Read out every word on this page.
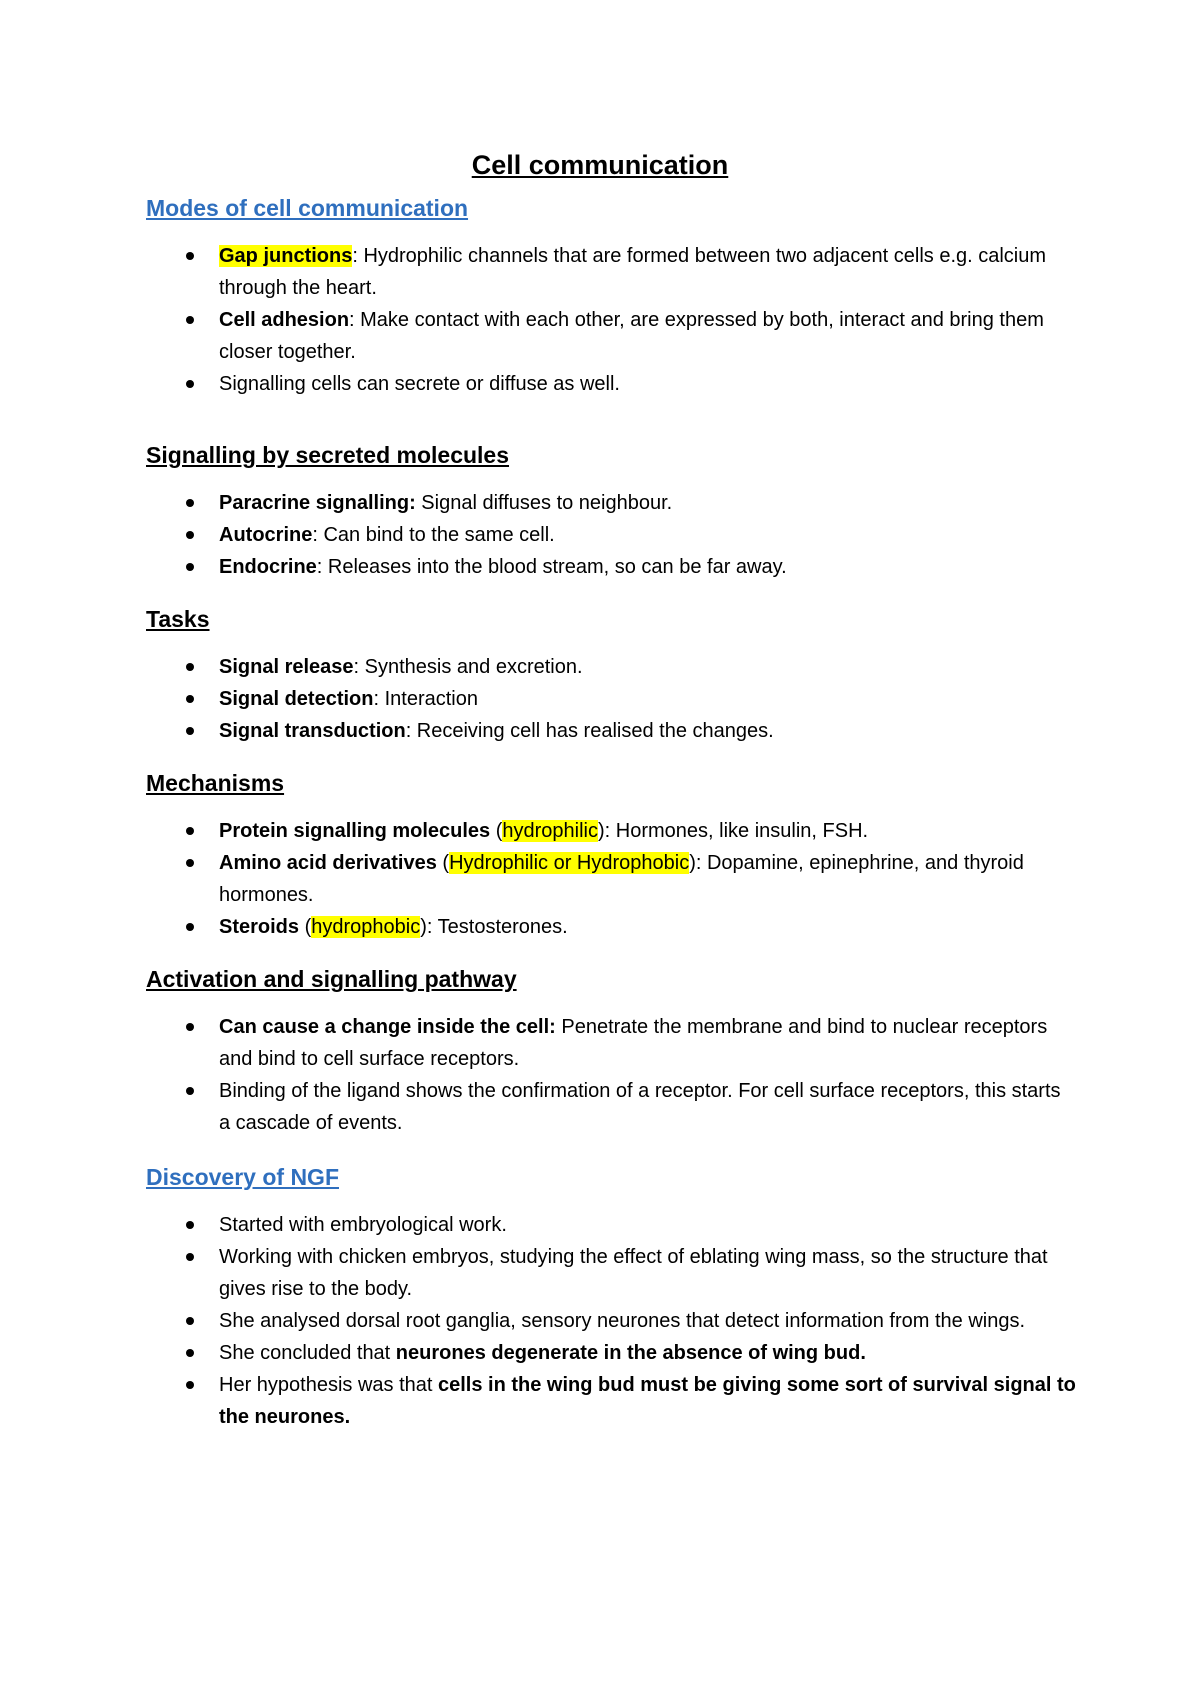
Cell communication
Modes of cell communication
Gap junctions: Hydrophilic channels that are formed between two adjacent cells e.g. calcium through the heart.
Cell adhesion: Make contact with each other, are expressed by both, interact and bring them closer together.
Signalling cells can secrete or diffuse as well.
Signalling by secreted molecules
Paracrine signalling: Signal diffuses to neighbour.
Autocrine: Can bind to the same cell.
Endocrine: Releases into the blood stream, so can be far away.
Tasks
Signal release: Synthesis and excretion.
Signal detection: Interaction
Signal transduction: Receiving cell has realised the changes.
Mechanisms
Protein signalling molecules (hydrophilic): Hormones, like insulin, FSH.
Amino acid derivatives (Hydrophilic or Hydrophobic): Dopamine, epinephrine, and thyroid hormones.
Steroids (hydrophobic): Testosterones.
Activation and signalling pathway
Can cause a change inside the cell: Penetrate the membrane and bind to nuclear receptors and bind to cell surface receptors.
Binding of the ligand shows the confirmation of a receptor. For cell surface receptors, this starts a cascade of events.
Discovery of NGF
Started with embryological work.
Working with chicken embryos, studying the effect of eblating wing mass, so the structure that gives rise to the body.
She analysed dorsal root ganglia, sensory neurones that detect information from the wings.
She concluded that neurones degenerate in the absence of wing bud.
Her hypothesis was that cells in the wing bud must be giving some sort of survival signal to the neurones.
